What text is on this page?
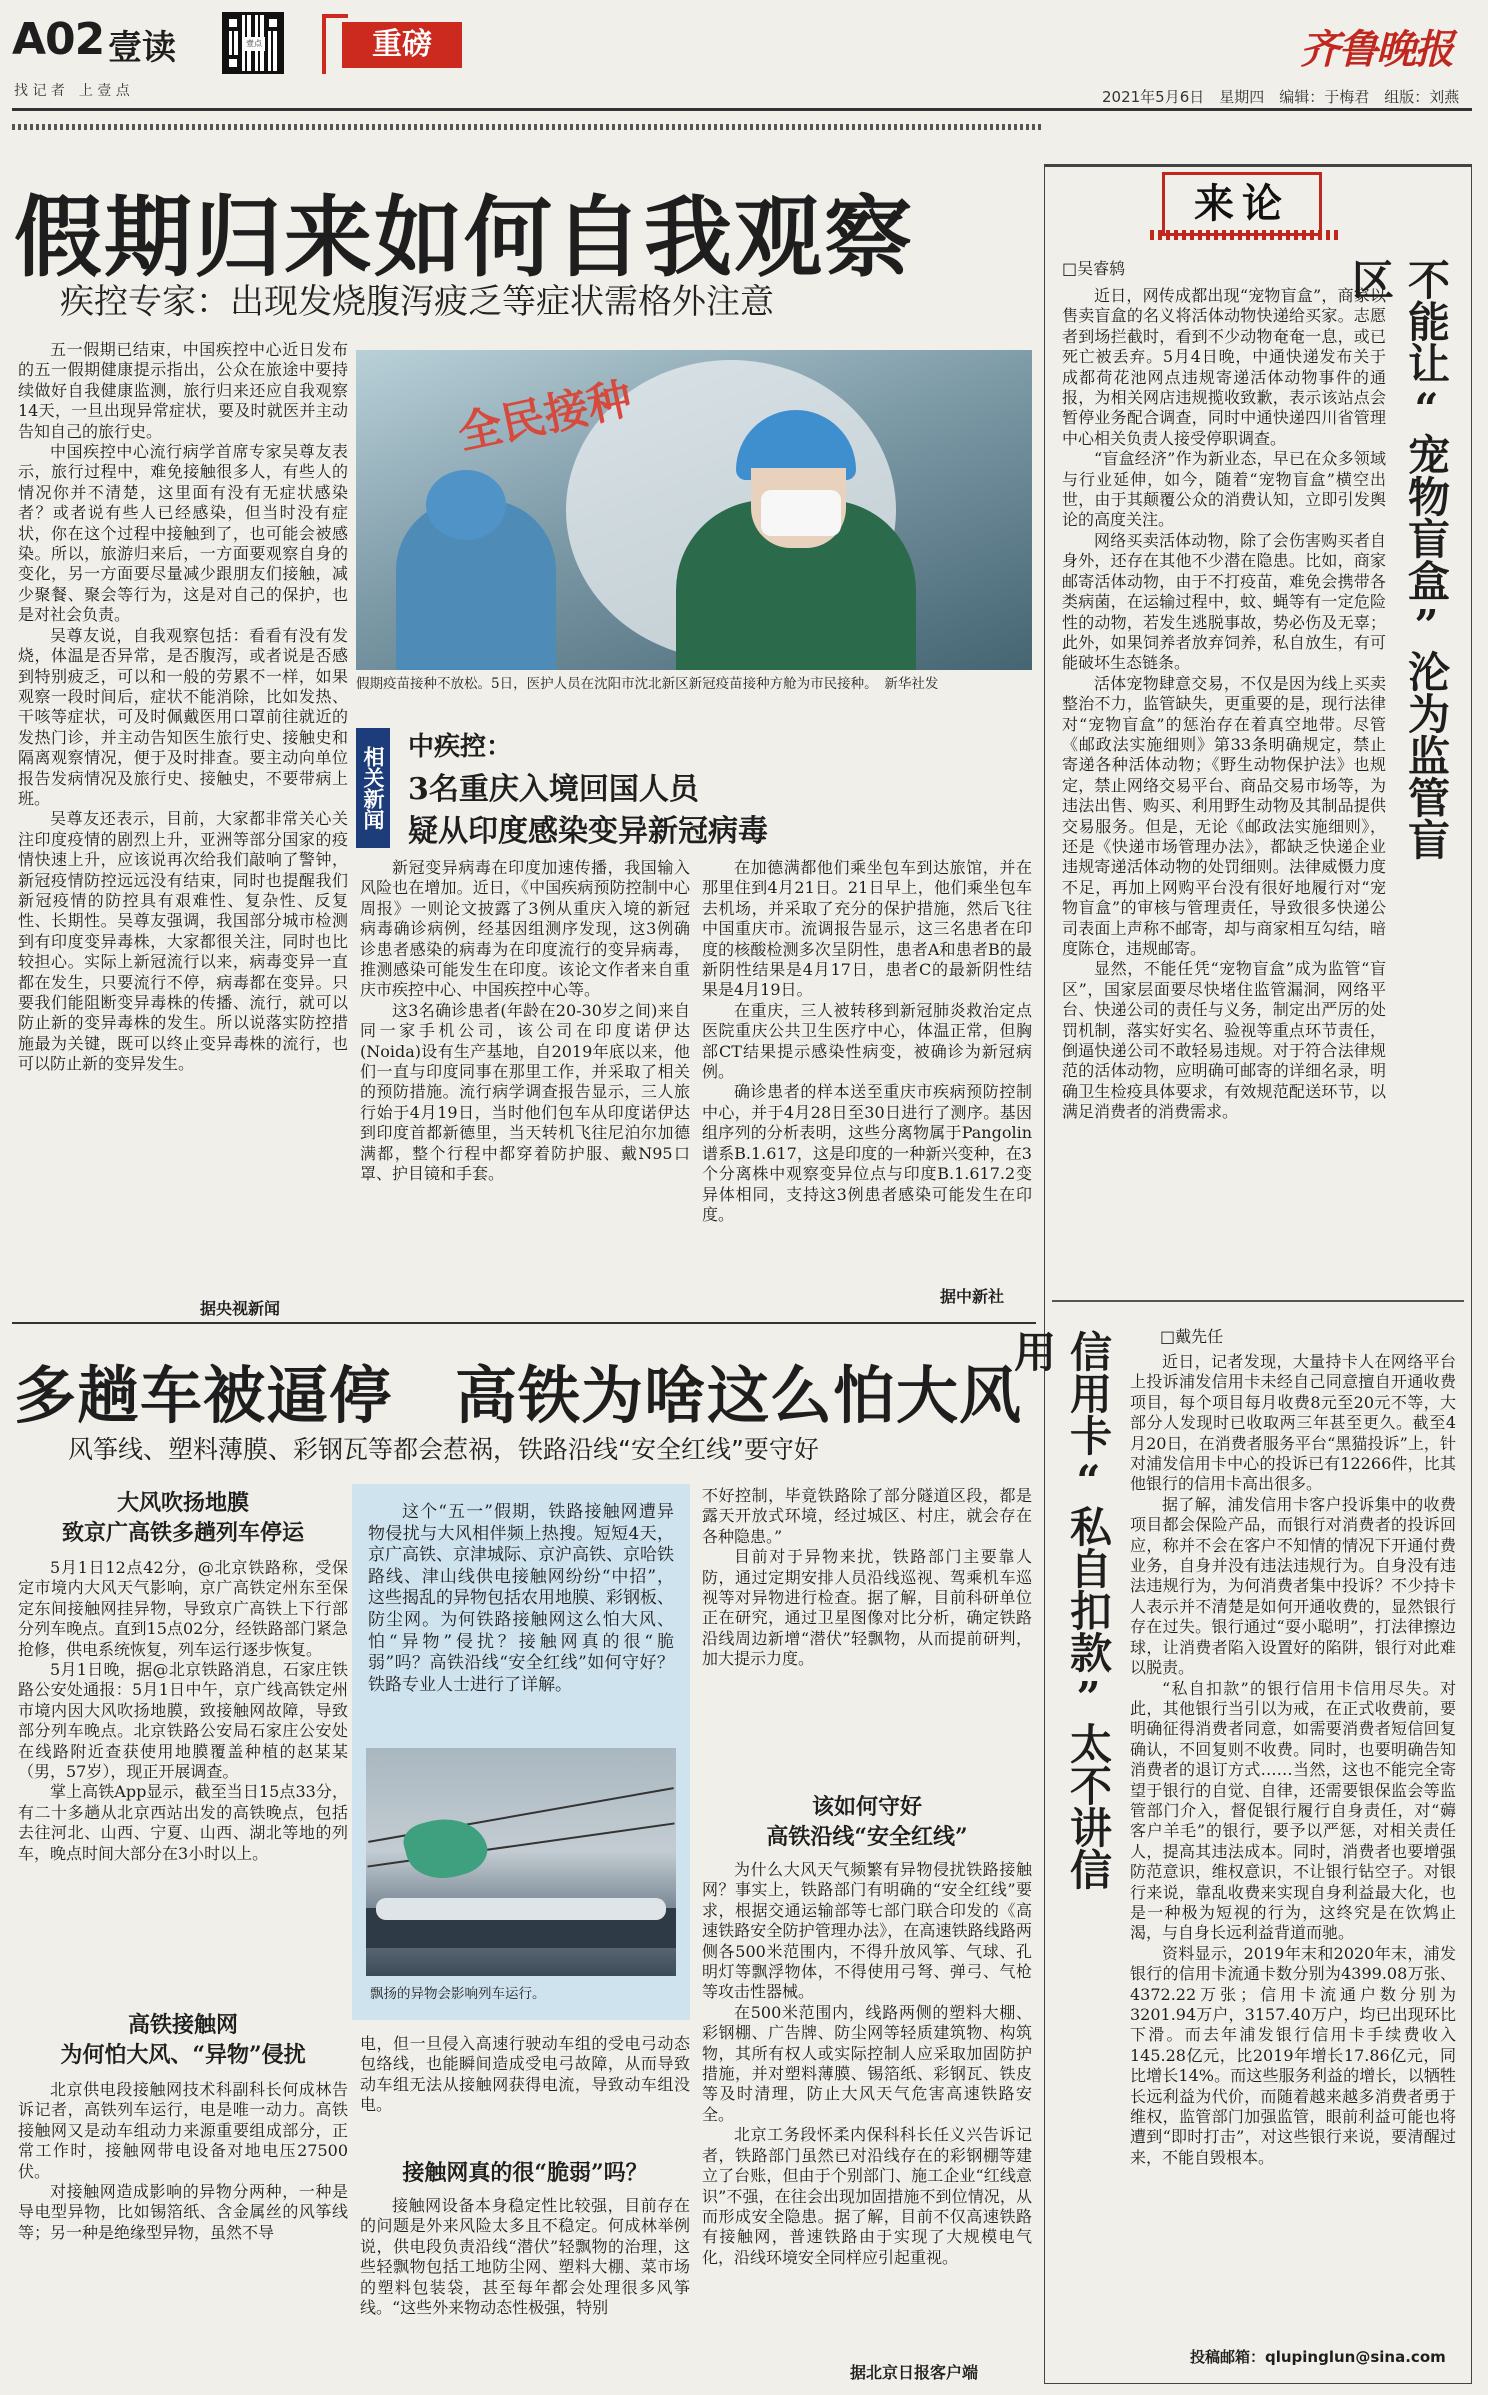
A02 壹读
找 记 者　上 壹 点
壹点	重磅	齐鲁晚报
2021年5月6日　星期四　编辑：于梅君　组版：刘燕
假期归来如何自我观察
疾控专家：出现发烧腹泻疲乏等症状需格外注意

五一假期已结束，中国疾控中心近日发布的五一假期健康提示指出，公众在旅途中要持续做好自我健康监测，旅行归来还应自我观察14天，一旦出现异常症状，要及时就医并主动告知自己的旅行史。

中国疾控中心流行病学首席专家吴尊友表示，旅行过程中，难免接触很多人，有些人的情况你并不清楚，这里面有没有无症状感染者？或者说有些人已经感染，但当时没有症状，你在这个过程中接触到了，也可能会被感染。所以，旅游归来后，一方面要观察自身的变化，另一方面要尽量减少跟朋友们接触，减少聚餐、聚会等行为，这是对自己的保护，也是对社会负责。

吴尊友说，自我观察包括：看看有没有发烧，体温是否异常，是否腹泻，或者说是否感到特别疲乏，可以和一般的劳累不一样，如果观察一段时间后，症状不能消除，比如发热、干咳等症状，可及时佩戴医用口罩前往就近的发热门诊，并主动告知医生旅行史、接触史和隔离观察情况，便于及时排查。要主动向单位报告发病情况及旅行史、接触史，不要带病上班。

吴尊友还表示，目前，大家都非常关心关注印度疫情的剧烈上升，亚洲等部分国家的疫情快速上升，应该说再次给我们敲响了警钟，新冠疫情防控远远没有结束，同时也提醒我们新冠疫情的防控具有艰难性、复杂性、反复性、长期性。吴尊友强调，我国部分城市检测到有印度变异毒株，大家都很关注，同时也比较担心。实际上新冠流行以来，病毒变异一直都在发生，只要流行不停，病毒都在变异。只要我们能阻断变异毒株的传播、流行，就可以防止新的变异毒株的发生。所以说落实防控措施最为关键，既可以终止变异毒株的流行，也可以防止新的变异发生。

据央视新闻
全民接种
假期疫苗接种不放松。5日，医护人员在沈阳市沈北新区新冠疫苗接种方舱为市民接种。　新华社发
相关新闻 中疾控：
3名重庆入境回国人员
疑从印度感染变异新冠病毒

新冠变异病毒在印度加速传播，我国输入风险也在增加。近日，《中国疾病预防控制中心周报》一则论文披露了3例从重庆入境的新冠病毒确诊病例，经基因组测序发现，这3例确诊患者感染的病毒为在印度流行的变异病毒，推测感染可能发生在印度。该论文作者来自重庆市疾控中心、中国疾控中心等。

这3名确诊患者(年龄在20-30岁之间)来自同一家手机公司，该公司在印度诺伊达(Noida)设有生产基地，自2019年底以来，他们一直与印度同事在那里工作，并采取了相关的预防措施。流行病学调查报告显示，三人旅行始于4月19日，当时他们包车从印度诺伊达到印度首都新德里，当天转机飞往尼泊尔加德满都，整个行程中都穿着防护服、戴N95口罩、护目镜和手套。

在加德满都他们乘坐包车到达旅馆，并在那里住到4月21日。21日早上，他们乘坐包车去机场，并采取了充分的保护措施，然后飞往中国重庆市。流调报告显示，这三名患者在印度的核酸检测多次呈阴性，患者A和患者B的最新阴性结果是4月17日，患者C的最新阴性结果是4月19日。

在重庆，三人被转移到新冠肺炎救治定点医院重庆公共卫生医疗中心，体温正常，但胸部CT结果提示感染性病变，被确诊为新冠病例。

确诊患者的样本送至重庆市疾病预防控制中心，并于4月28日至30日进行了测序。基因组序列的分析表明，这些分离物属于Pangolin谱系B.1.617，这是印度的一种新兴变种，在3个分离株中观察变异位点与印度B.1.617.2变异体相同，支持这3例患者感染可能发生在印度。

据中新社
来论
□吴睿鸫	不能让“宠物盲盒”沦为监管盲区

近日，网传成都出现“宠物盲盒”，商家以售卖盲盒的名义将活体动物快递给买家。志愿者到场拦截时，看到不少动物奄奄一息，或已死亡被丢弃。5月4日晚，中通快递发布关于成都荷花池网点违规寄递活体动物事件的通报，为相关网店违规揽收致歉，表示该站点会暂停业务配合调查，同时中通快递四川省管理中心相关负责人接受停职调查。

“盲盒经济”作为新业态，早已在众多领域与行业延伸，如今，随着“宠物盲盒”横空出世，由于其颠覆公众的消费认知，立即引发舆论的高度关注。

网络买卖活体动物，除了会伤害购买者自身外，还存在其他不少潜在隐患。比如，商家邮寄活体动物，由于不打疫苗，难免会携带各类病菌，在运输过程中，蚊、蝇等有一定危险性的动物，若发生逃脱事故，势必伤及无辜；此外，如果饲养者放弃饲养，私自放生，有可能破坏生态链条。

活体宠物肆意交易，不仅是因为线上买卖整治不力，监管缺失，更重要的是，现行法律对“宠物盲盒”的惩治存在着真空地带。尽管《邮政法实施细则》第33条明确规定，禁止寄递各种活体动物；《野生动物保护法》也规定，禁止网络交易平台、商品交易市场等，为违法出售、购买、利用野生动物及其制品提供交易服务。但是，无论《邮政法实施细则》，还是《快递市场管理办法》，都缺乏快递企业违规寄递活体动物的处罚细则。法律威慑力度不足，再加上网购平台没有很好地履行对“宠物盲盒”的审核与管理责任，导致很多快递公司表面上声称不邮寄，却与商家相互勾结，暗度陈仓，违规邮寄。

显然，不能任凭“宠物盲盒”成为监管“盲区”，国家层面要尽快堵住监管漏洞，网络平台、快递公司的责任与义务，制定出严厉的处罚机制，落实好实名、验视等重点环节责任，倒逼快递公司不敢轻易违规。对于符合法律规范的活体动物，应明确可邮寄的详细名录，明确卫生检疫具体要求，有效规范配送环节，以满足消费者的消费需求。

□戴先任
信用卡“私自扣款”太不讲信用	近日，记者发现，大量持卡人在网络平台上投诉浦发信用卡未经自己同意擅自开通收费项目，每个项目每月收费8元至20元不等，大部分人发现时已收取两三年甚至更久。截至4月20日，在消费者服务平台“黑猫投诉”上，针对浦发信用卡中心的投诉已有12266件，比其他银行的信用卡高出很多。

据了解，浦发信用卡客户投诉集中的收费项目都会保险产品，而银行对消费者的投诉回应，称并不会在客户不知情的情况下开通付费业务，自身并没有违法违规行为。自身没有违法违规行为，为何消费者集中投诉？不少持卡人表示并不清楚是如何开通收费的，显然银行存在过失。银行通过“耍小聪明”，打法律擦边球，让消费者陷入设置好的陷阱，银行对此难以脱责。

“私自扣款”的银行信用卡信用尽失。对此，其他银行当引以为戒，在正式收费前，要明确征得消费者同意，如需要消费者短信回复确认，不回复则不收费。同时，也要明确告知消费者的退订方式……当然，这也不能完全寄望于银行的自觉、自律，还需要银保监会等监管部门介入，督促银行履行自身责任，对“薅客户羊毛”的银行，要予以严惩，对相关责任人，提高其违法成本。同时，消费者也要增强防范意识，维权意识，不让银行钻空子。对银行来说，靠乱收费来实现自身利益最大化，也是一种极为短视的行为，这终究是在饮鸩止渴，与自身长远利益背道而驰。

资料显示，2019年末和2020年末，浦发银行的信用卡流通卡数分别为4399.08万张、4372.22万张；信用卡流通户数分别为3201.94万户，3157.40万户，均已出现环比下滑。而去年浦发银行信用卡手续费收入145.28亿元，比2019年增长17.86亿元，同比增长14%。而这些服务利益的增长，以牺牲长远利益为代价，而随着越来越多消费者勇于维权，监管部门加强监管，眼前利益可能也将遭到“即时打击”，对这些银行来说，要清醒过来，不能自毁根本。

投稿邮箱：qlupinglun@sina.com
多趟车被逼停　高铁为啥这么怕大风
风筝线、塑料薄膜、彩钢瓦等都会惹祸，铁路沿线“安全红线”要守好
大风吹扬地膜
致京广高铁多趟列车停运

5月1日12点42分，@北京铁路称，受保定市境内大风天气影响，京广高铁定州东至保定东间接触网挂异物，导致京广高铁上下行部分列车晚点。直到15点02分，经铁路部门紧急抢修，供电系统恢复，列车运行逐步恢复。

5月1日晚，据@北京铁路消息，石家庄铁路公安处通报：5月1日中午，京广线高铁定州市境内因大风吹扬地膜，致接触网故障，导致部分列车晚点。北京铁路公安局石家庄公安处在线路附近查获使用地膜覆盖种植的赵某某（男，57岁），现正开展调查。

掌上高铁App显示，截至当日15点33分，有二十多趟从北京西站出发的高铁晚点，包括去往河北、山西、宁夏、山西、湖北等地的列车，晚点时间大部分在3小时以上。

高铁接触网
为何怕大风、“异物”侵扰

北京供电段接触网技术科副科长何成林告诉记者，高铁列车运行，电是唯一动力。高铁接触网又是动车组动力来源重要组成部分，正常工作时，接触网带电设备对地电压27500伏。

对接触网造成影响的异物分两种，一种是导电型异物，比如锡箔纸、含金属丝的风筝线等；另一种是绝缘型异物，虽然不导

这个“五一”假期，铁路接触网遭异物侵扰与大风相伴频上热搜。短短4天，京广高铁、京津城际、京沪高铁、京哈铁路线、津山线供电接触网纷纷“中招”，这些揭乱的异物包括农用地膜、彩钢板、防尘网。为何铁路接触网这么怕大风、怕“异物”侵扰？接触网真的很“脆弱”吗？高铁沿线“安全红线”如何守好？铁路专业人士进行了详解。

飘扬的异物会影响列车运行。

电，但一旦侵入高速行驶动车组的受电弓动态包络线，也能瞬间造成受电弓故障，从而导致动车组无法从接触网获得电流，导致动车组没电。

接触网真的很“脆弱”吗？

接触网设备本身稳定性比较强，目前存在的问题是外来风险太多且不稳定。何成林举例说，供电段负责沿线“潜伏”轻飘物的治理，这些轻飘物包括工地防尘网、塑料大棚、菜市场的塑料包装袋，甚至每年都会处理很多风筝线。“这些外来物动态性极强，特别

不好控制，毕竟铁路除了部分隧道区段，都是露天开放式环境，经过城区、村庄，就会存在各种隐患。”

目前对于异物来扰，铁路部门主要靠人防，通过定期安排人员沿线巡视、驾乘机车巡视等对异物进行检查。据了解，目前科研单位正在研究，通过卫星图像对比分析，确定铁路沿线周边新增“潜伏”轻飘物，从而提前研判，加大提示力度。

该如何守好
高铁沿线“安全红线”

为什么大风天气频繁有异物侵扰铁路接触网？事实上，铁路部门有明确的“安全红线”要求，根据交通运输部等七部门联合印发的《高速铁路安全防护管理办法》，在高速铁路线路两侧各500米范围内，不得升放风筝、气球、孔明灯等飘浮物体，不得使用弓弩、弹弓、气枪等攻击性器械。

在500米范围内，线路两侧的塑料大棚、彩钢棚、广告牌、防尘网等轻质建筑物、构筑物，其所有权人或实际控制人应采取加固防护措施，并对塑料薄膜、锡箔纸、彩钢瓦、铁皮等及时清理，防止大风天气危害高速铁路安全。

北京工务段怀柔内保科科长任义兴告诉记者，铁路部门虽然已对沿线存在的彩钢棚等建立了台账，但由于个别部门、施工企业“红线意识”不强，在往会出现加固措施不到位情况，从而形成安全隐患。据了解，目前不仅高速铁路有接触网，普速铁路由于实现了大规模电气化，沿线环境安全同样应引起重视。

据北京日报客户端
